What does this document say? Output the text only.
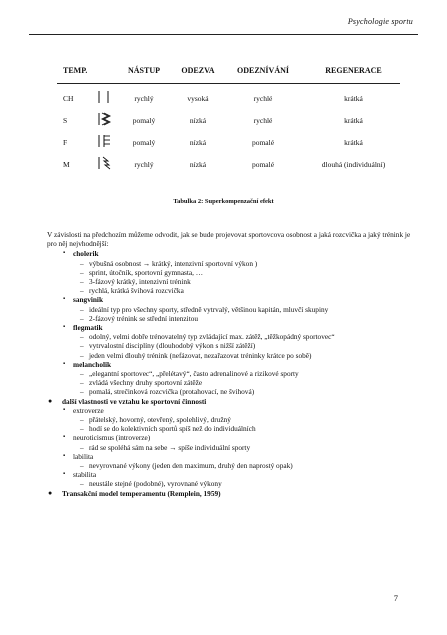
Psychologie sportu
TEMP.	NÁSTUP	ODEZVA	ODEZNÍVÁNÍ	REGENERACE
CH	rychlý	vysoká	rychlé	krátká
S	pomalý	nízká	rychlé	krátká
F	pomalý	nízká	pomalé	krátká
M	rychlý	nízká	pomalé	dlouhá (individuální)
Tabulka 2: Superkompenzační efekt

V závislosti na předchozím můžeme odvodit, jak se bude projevovat sportovcova osobnost a jaká rozcvička a jaký trénink je pro něj nejvhodnější:

▪ cholerik
– výbušná osobnost → krátký, intenzivní sportovní výkon )
– sprint, útočník, sportovní gymnasta, …
– 3-fázový krátký, intenzivní trénink
– rychlá, krátká švihová rozcvička
▪ sangvinik
– ideální typ pro všechny sporty, středně vytrvalý, většinou kapitán, mluvčí skupiny
– 2-fázový trénink se střední intenzitou
▪ flegmatik
– odolný, velmi dobře trénovatelný typ zvládající max. zátěž, „těžkopádný sportovec“
– vytrvalostní disciplíny (dlouhodobý výkon s nižší zátěží)
– jeden velmi dlouhý trénink (nefázovat, nezařazovat tréninky krátce po sobě)
▪ melancholik
– „elegantní sportovec“, „přelétavý“, často adrenalinové a rizikové sporty
– zvládá všechny druhy sportovní zátěže
– pomalá, strečinková rozcvička (protahovací, ne švihová)
● další vlastnosti ve vztahu ke sportovní činnosti
▪ extroverze
– přátelský, hovorný, otevřený, spolehlivý, družný
– hodí se do kolektivních sportů spíš než do individuálních
▪ neuroticismus (introverze)
– rád se spoléhá sám na sebe → spíše individuální sporty
▪ labilita
– nevyrovnané výkony (jeden den maximum, druhý den naprostý opak)
▪ stabilita
– neustále stejné (podobné), vyrovnané výkony
● Transakční model temperamentu (Remplein, 1959)
7
